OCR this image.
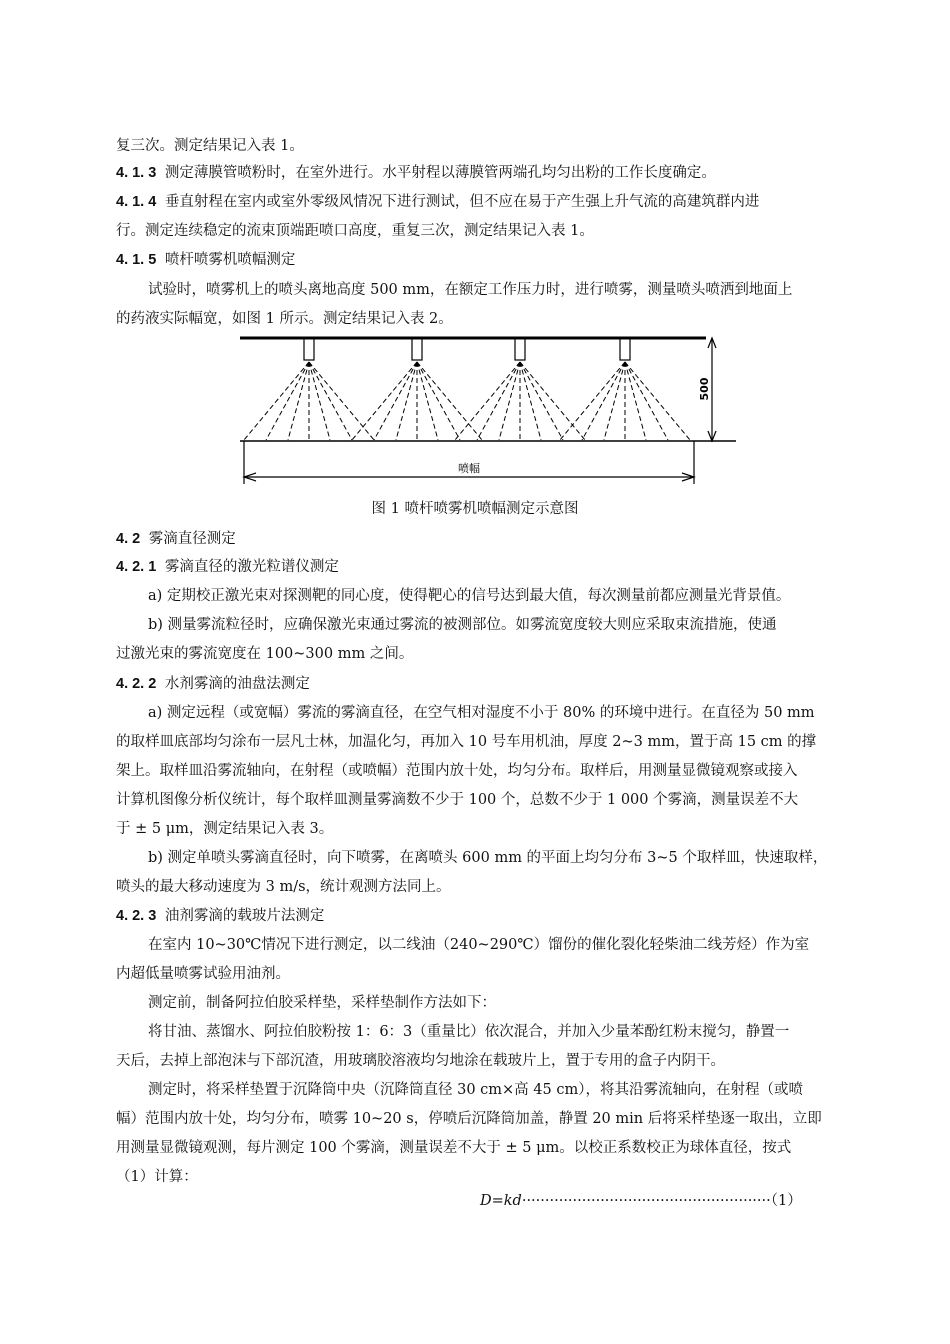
复三次。测定结果记入表 1。
4. 1. 3 测定薄膜管喷粉时，在室外进行。水平射程以薄膜管两端孔均匀出粉的工作长度确定。
4. 1. 4 垂直射程在室内或室外零级风情况下进行测试，但不应在易于产生强上升气流的高建筑群内进
行。测定连续稳定的流束顶端距喷口高度，重复三次，测定结果记入表 1。
4. 1. 5 喷杆喷雾机喷幅测定
试验时，喷雾机上的喷头离地高度 500 mm，在额定工作压力时，进行喷雾，测量喷头喷洒到地面上
的药液实际幅宽，如图 1 所示。测定结果记入表 2。
500
喷幅
图 1 喷杆喷雾机喷幅测定示意图
4. 2 雾滴直径测定
4. 2. 1 雾滴直径的激光粒谱仪测定
a) 定期校正激光束对探测靶的同心度，使得靶心的信号达到最大值，每次测量前都应测量光背景值。
b) 测量雾流粒径时，应确保激光束通过雾流的被测部位。如雾流宽度较大则应采取束流措施，使通
过激光束的雾流宽度在 100~300 mm 之间。
4. 2. 2 水剂雾滴的油盘法测定
a) 测定远程（或宽幅）雾流的雾滴直径，在空气相对湿度不小于 80% 的环境中进行。在直径为 50 mm
的取样皿底部均匀涂布一层凡士林，加温化匀，再加入 10 号车用机油，厚度 2~3 mm，置于高 15 cm 的撑
架上。取样皿沿雾流轴向，在射程（或喷幅）范围内放十处，均匀分布。取样后，用测量显微镜观察或接入
计算机图像分析仪统计，每个取样皿测量雾滴数不少于 100 个，总数不少于 1 000 个雾滴，测量误差不大
于 ± 5 μm，测定结果记入表 3。
b) 测定单喷头雾滴直径时，向下喷雾，在离喷头 600 mm 的平面上均匀分布 3~5 个取样皿，快速取样，
喷头的最大移动速度为 3 m/s，统计观测方法同上。
4. 2. 3 油剂雾滴的载玻片法测定
在室内 10~30℃情况下进行测定，以二线油（240~290℃）馏份的催化裂化轻柴油二线芳烃）作为室
内超低量喷雾试验用油剂。
测定前，制备阿拉伯胶采样垫，采样垫制作方法如下：
将甘油、蒸馏水、阿拉伯胶粉按 1：6：3（重量比）依次混合，并加入少量苯酚红粉末搅匀，静置一
天后，去掉上部泡沫与下部沉渣，用玻璃胶溶液均匀地涂在载玻片上，置于专用的盒子内阴干。
测定时，将采样垫置于沉降筒中央（沉降筒直径 30 cm×高 45 cm），将其沿雾流轴向，在射程（或喷
幅）范围内放十处，均匀分布，喷雾 10~20 s，停喷后沉降筒加盖，静置 20 min 后将采样垫逐一取出，立即
用测量显微镜观测，每片测定 100 个雾滴，测量误差不大于 ± 5 μm。以校正系数校正为球体直径，按式
（1）计算：
D=kd······················································（1）
